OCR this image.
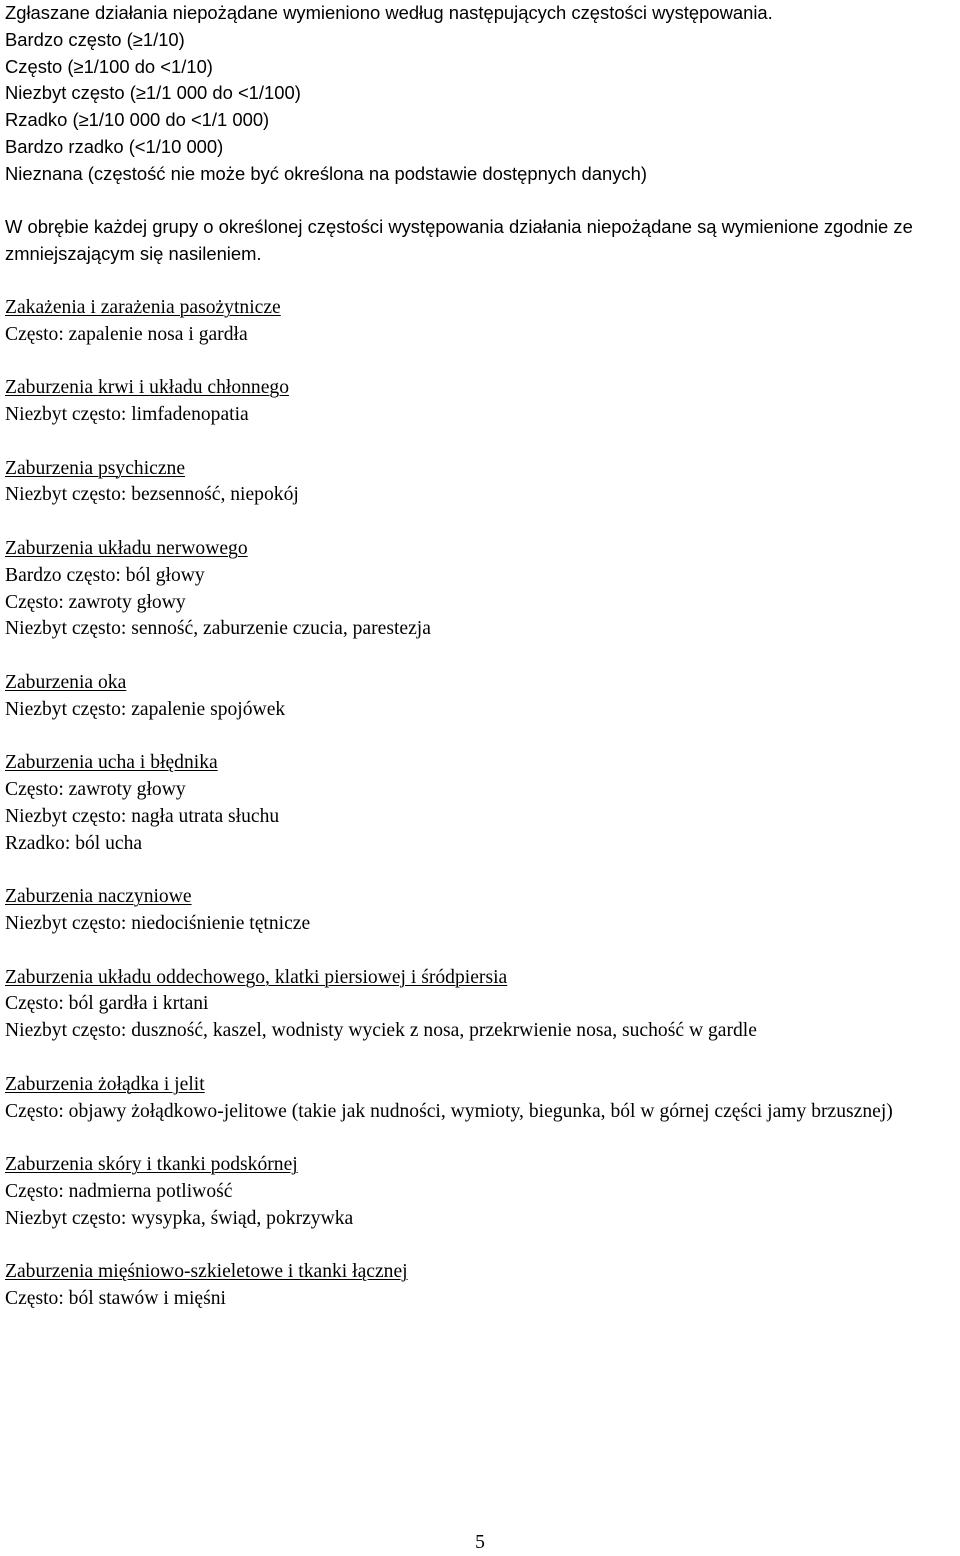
Zgłaszane działania niepożądane wymieniono według następujących częstości występowania.
Bardzo często (≥1/10)
Często (≥1/100 do <1/10)
Niezbyt często (≥1/1 000 do <1/100)
Rzadko (≥1/10 000 do <1/1 000)
Bardzo rzadko (<1/10 000)
Nieznana (częstość nie może być określona na podstawie dostępnych danych)
W obrębie każdej grupy o określonej częstości występowania działania niepożądane są wymienione zgodnie ze zmniejszającym się nasileniem.
Zakażenia i zarażenia pasożytnicze
Często: zapalenie nosa i gardła
Zaburzenia krwi i układu chłonnego
Niezbyt często: limfadenopatia
Zaburzenia psychiczne
Niezbyt często: bezsenność, niepokój
Zaburzenia układu nerwowego
Bardzo często: ból głowy
Często: zawroty głowy
Niezbyt często: senność, zaburzenie czucia, parestezja
Zaburzenia oka
Niezbyt często: zapalenie spojówek
Zaburzenia ucha i błędnika
Często: zawroty głowy
Niezbyt często: nagła utrata słuchu
Rzadko: ból ucha
Zaburzenia naczyniowe
Niezbyt często: niedociśnienie tętnicze
Zaburzenia układu oddechowego, klatki piersiowej i śródpiersia
Często: ból gardła i krtani
Niezbyt często: duszność, kaszel, wodnisty wyciek z nosa, przekrwienie nosa, suchość w gardle
Zaburzenia żołądka i jelit
Często: objawy żołądkowo-jelitowe (takie jak nudności, wymioty, biegunka, ból w górnej części jamy brzusznej)
Zaburzenia skóry i tkanki podskórnej
Często: nadmierna potliwość
Niezbyt często: wysypka, świąd, pokrzywka
Zaburzenia mięśniowo-szkieletowe i tkanki łącznej
Często: ból stawów i mięśni
5
